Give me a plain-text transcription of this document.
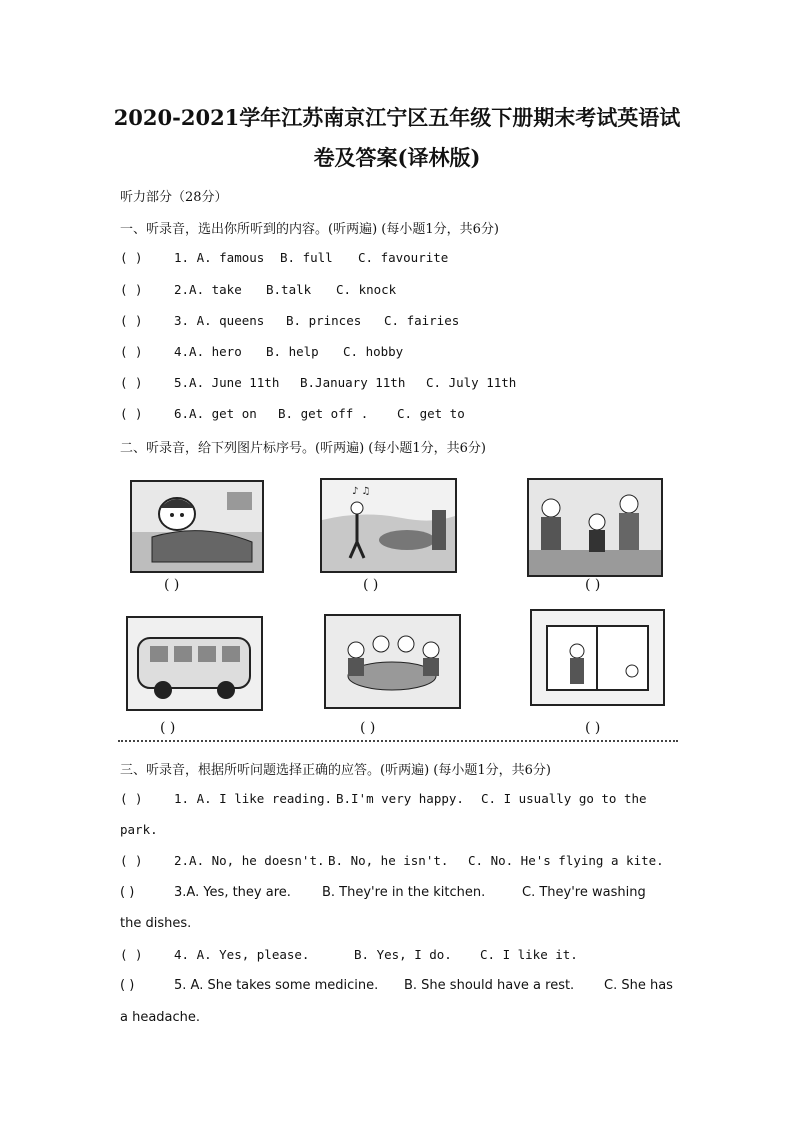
2020-2021学年江苏南京江宁区五年级下册期末考试英语试
卷及答案(译林版)
听力部分（28分）
一、听录音，选出你所听到的内容。(听两遍) (每小题1分，共6分)
( )	1. A. famous B. full C. favourite
( )	2.A. take B.talk C. knock
( )	3. A. queens B. princes C. fairies
( )	4.A. hero B. help C. hobby
( )	5.A. June 11th B.January 11th C. July 11th
( )	6.A. get on B. get off . C. get to
二、听录音，给下列图片标序号。(听两遍) (每小题1分，共6分)
♪ ♫
( )	( )	( )
( )	( )	( )
三、听录音，根据所听问题选择正确的应答。(听两遍) (每小题1分，共6分)
( )	1. A. I like reading. B.I'm very happy. C. I usually go to the
park.
( )	2.A. No, he doesn't. B. No, he isn't. C. No. He's flying a kite.
( )	3.A. Yes, they are. B. They're in the kitchen.	C. They're washing
the dishes.
( )	4. A. Yes, please.	B. Yes, I do. C. I like it.
( )	5. A. She takes some medicine. B. She should have a rest. C. She has
a headache.
